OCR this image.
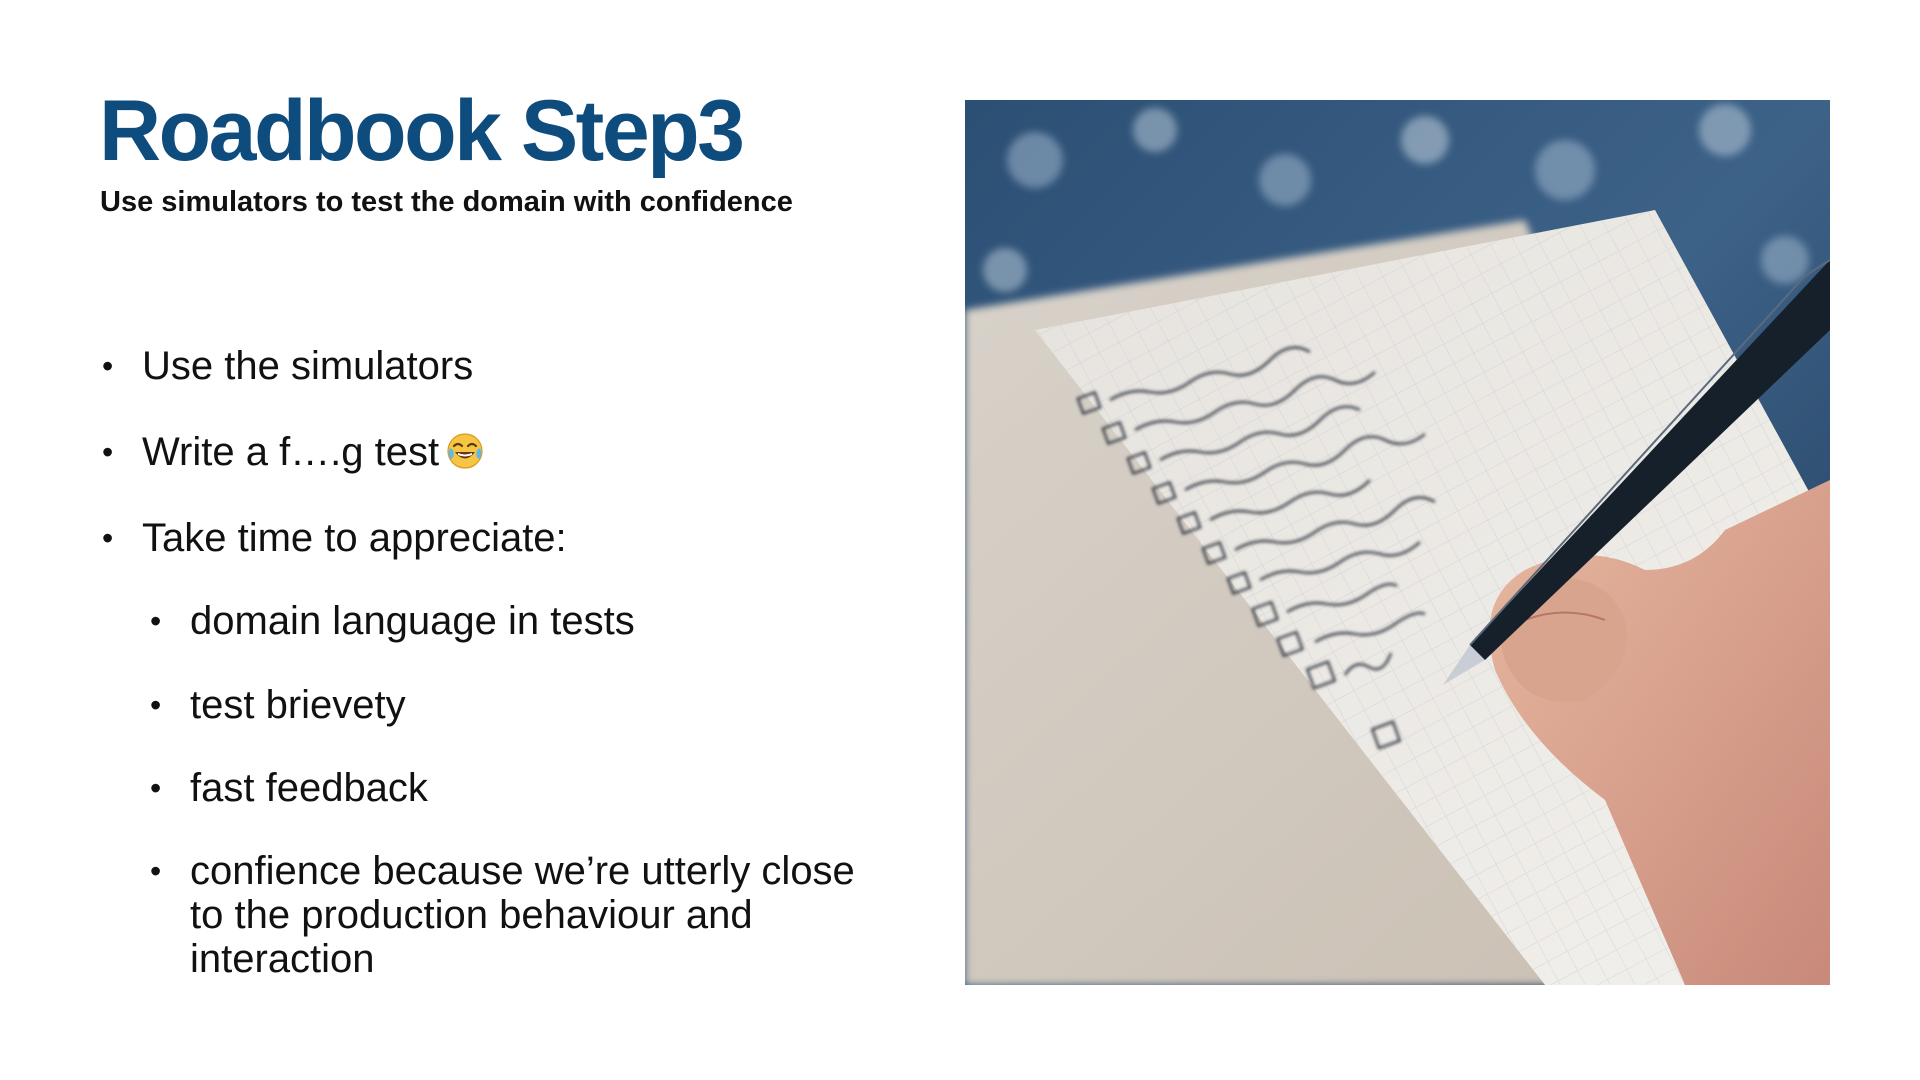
Roadbook Step3

Use simulators to test the domain with confidence

• Use the simulators
• Write a f….g test
• Take time to appreciate:
• domain language in tests
• test brievety
• fast feedback
• confience because we’re utterly close to the production behaviour and interaction
